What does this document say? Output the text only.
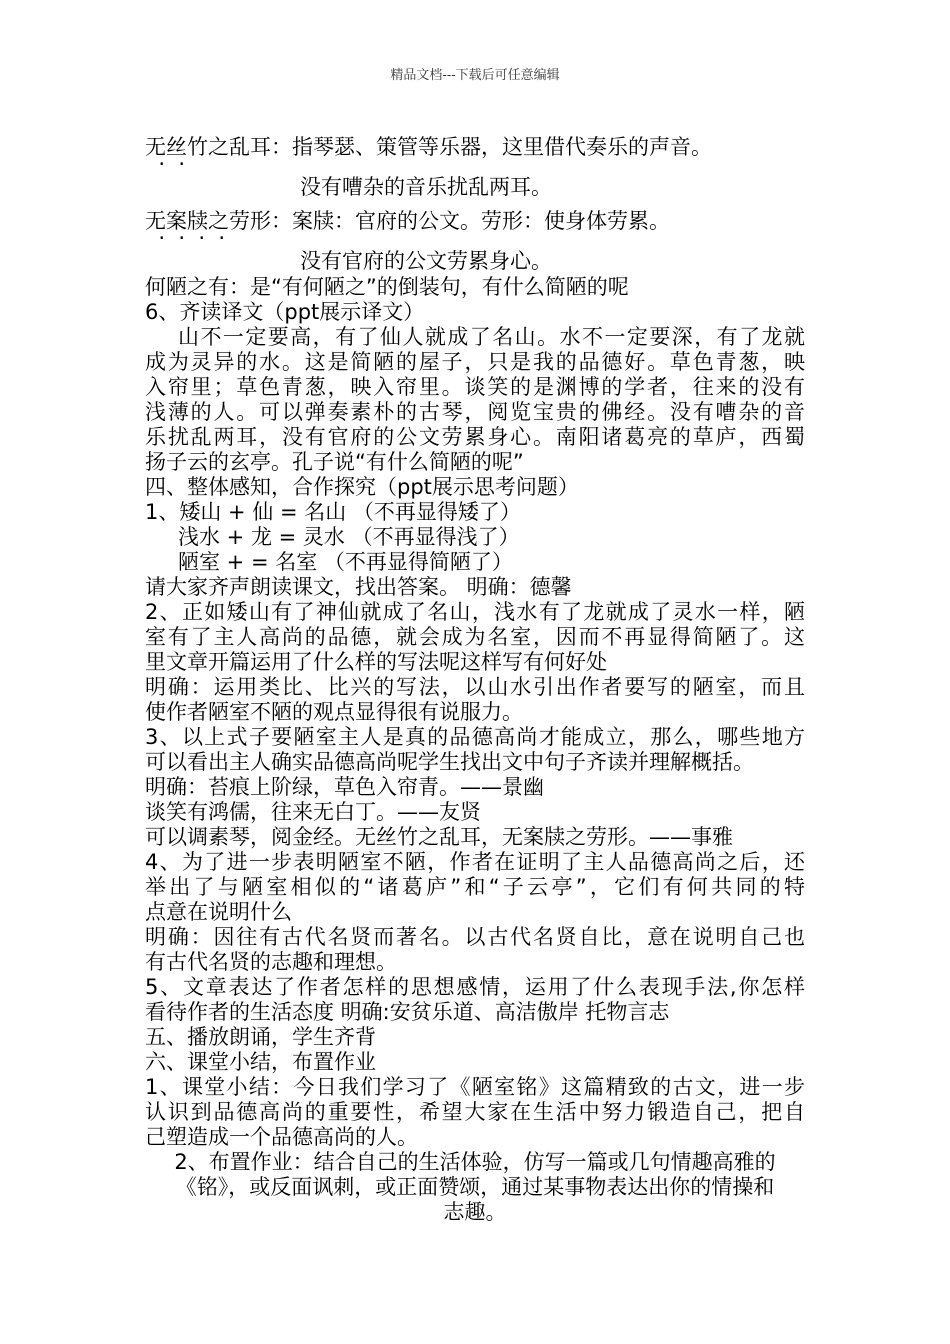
精品文档---下载后可任意编辑
无丝竹之乱耳：指琴瑟、策管等乐器，这里借代奏乐的声音。
·  ·
没有嘈杂的音乐扰乱两耳。
无案牍之劳形：案牍：官府的公文。劳形：使身体劳累。
·  ·  ·  ·
没有官府的公文劳累身心。
何陋之有：是“有何陋之”的倒装句，有什么简陋的呢
6、齐读译文（ppt展示译文）
山不一定要高，有了仙人就成了名山。水不一定要深，有了龙就
成为灵异的水。这是简陋的屋子，只是我的品德好。草色青葱，映
入帘里；草色青葱，映入帘里。谈笑的是渊博的学者，往来的没有
浅薄的人。可以弹奏素朴的古琴，阅览宝贵的佛经。没有嘈杂的音
乐扰乱两耳，没有官府的公文劳累身心。南阳诸葛亮的草庐，西蜀
扬子云的玄亭。孔子说“有什么简陋的呢”
四、整体感知，合作探究（ppt展示思考问题）
1、矮山 + 仙 = 名山 （不再显得矮了）
浅水 + 龙 = 灵水 （不再显得浅了）
陋室 + = 名室 （不再显得简陋了）
请大家齐声朗读课文，找出答案。 明确：德馨
2、正如矮山有了神仙就成了名山，浅水有了龙就成了灵水一样，陋
室有了主人高尚的品德，就会成为名室，因而不再显得简陋了。这
里文章开篇运用了什么样的写法呢这样写有何好处
明确：运用类比、比兴的写法，以山水引出作者要写的陋室，而且
使作者陋室不陋的观点显得很有说服力。
3、以上式子要陋室主人是真的品德高尚才能成立，那么，哪些地方
可以看出主人确实品德高尚呢学生找出文中句子齐读并理解概括。
明确：苔痕上阶绿，草色入帘青。——景幽
谈笑有鸿儒，往来无白丁。——友贤
可以调素琴，阅金经。无丝竹之乱耳，无案牍之劳形。——事雅
4、为了进一步表明陋室不陋，作者在证明了主人品德高尚之后，还
举出了与陋室相似的“诸葛庐”和“子云亭”，它们有何共同的特
点意在说明什么
明确：因往有古代名贤而著名。以古代名贤自比，意在说明自己也
有古代名贤的志趣和理想。
5、文章表达了作者怎样的思想感情，运用了什么表现手法,你怎样
看待作者的生活态度 明确:安贫乐道、高洁傲岸 托物言志
五、播放朗诵，学生齐背
六、课堂小结，布置作业
1、课堂小结：今日我们学习了《陋室铭》这篇精致的古文，进一步
认识到品德高尚的重要性，希望大家在生活中努力锻造自己，把自
己塑造成一个品德高尚的人。
2、布置作业：结合自己的生活体验，仿写一篇或几句情趣高雅的
《铭》，或反面讽刺，或正面赞颂，通过某事物表达出你的情操和
志趣。
